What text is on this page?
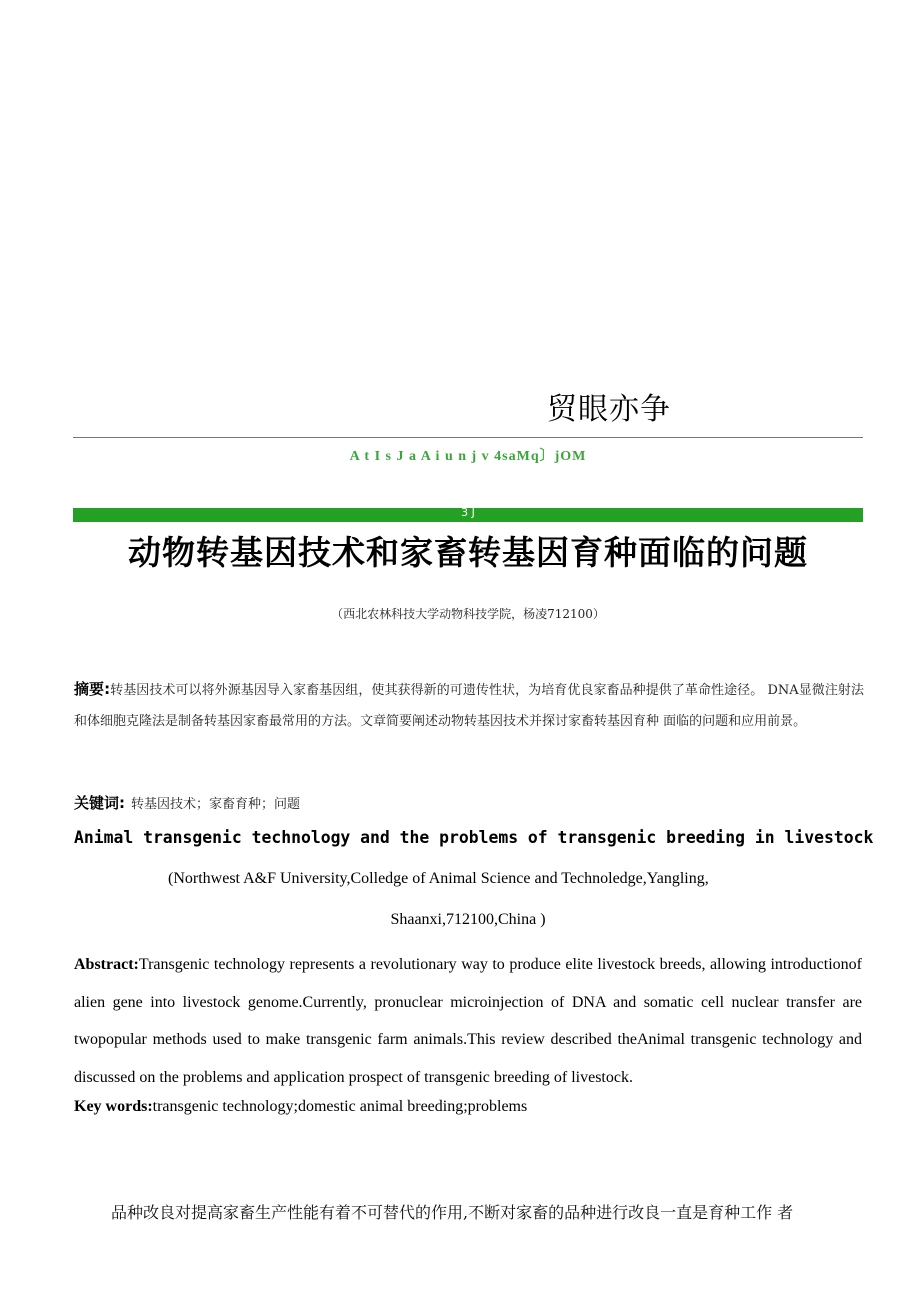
贸眼亦争
A t I s J a A i u n j v 4saMq〕jOM
3 J
动物转基因技术和家畜转基因育种面临的问题
（西北农林科技大学动物科技学院，杨凌712100）
摘要:转基因技术可以将外源基因导入家畜基因组，使其获得新的可遗传性状，为培育优良家畜品种提供了革命性途径。 DNA显微注射法和体细胞克隆法是制备转基因家畜最常用的方法。文章简要阐述动物转基因技术并探讨家畜转基因育种 面临的问题和应用前景。
关键词: 转基因技术；家畜育种；问题
Animal transgenic technology and the problems of transgenic breeding in livestock
(Northwest A&F University,Colledge of Animal Science and Technoledge,Yangling,
Shaanxi,712100,China )
Abstract:Transgenic technology represents a revolutionary way to produce elite livestock breeds, allowing introductionof alien gene into livestock genome.Currently, pronuclear microinjection of DNA and somatic cell nuclear transfer are twopopular methods used to make transgenic farm animals.This review described theAnimal transgenic technology and discussed on the problems and application prospect of transgenic breeding of livestock.
Key words:transgenic technology;domestic animal breeding;problems
品种改良对提高家畜生产性能有着不可替代的作用,不断对家畜的品种进行改良一直是育种工作 者
